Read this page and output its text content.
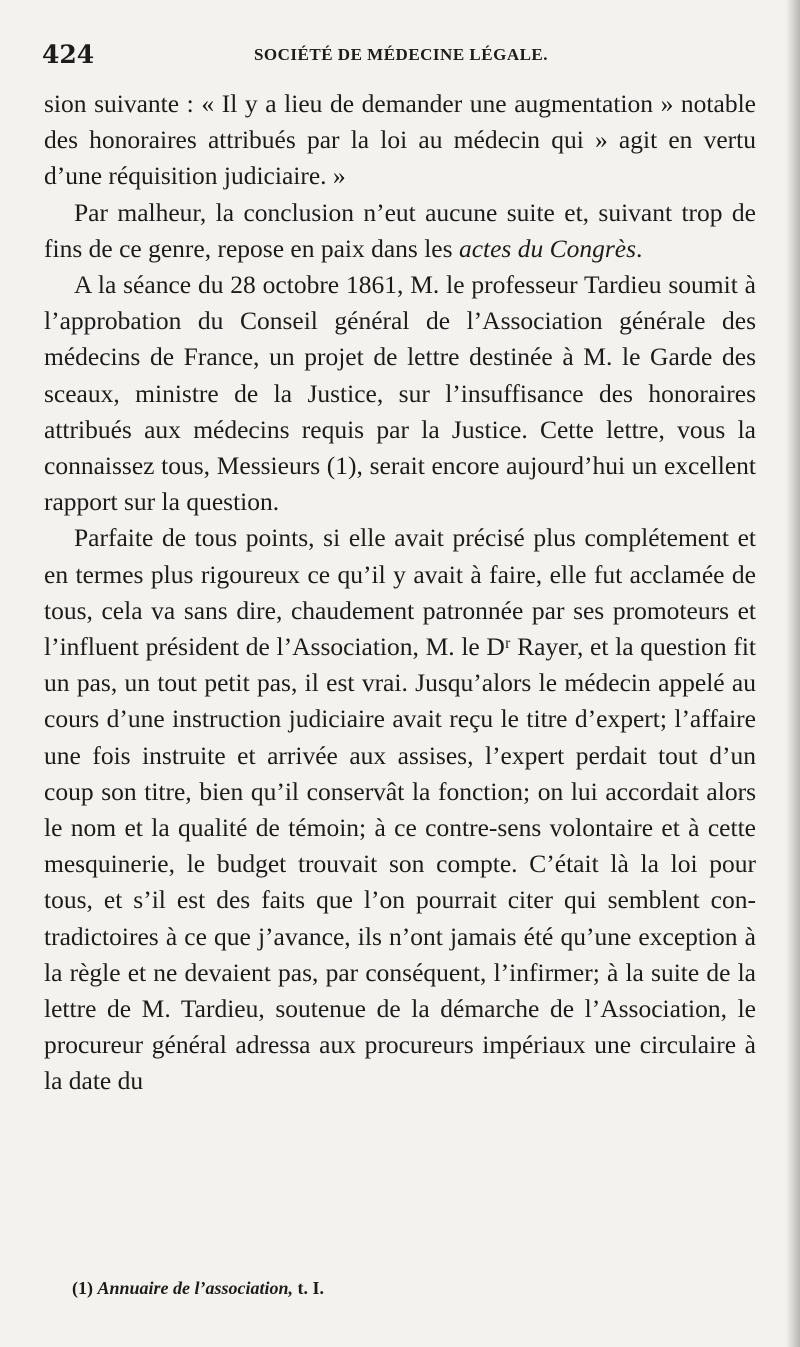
424	SOCIÉTÉ DE MÉDECINE LÉGALE.

sion suivante : « Il y a lieu de demander une augmentation » notable des honoraires attribués par la loi au médecin qui » agit en vertu d’une réquisition judiciaire. »

Par malheur, la conclusion n’eut aucune suite et, suivant trop de fins de ce genre, repose en paix dans les actes du Congrès.

A la séance du 28 octobre 1861, M. le professeur Tardieu soumit à l’approbation du Conseil général de l’Association générale des médecins de France, un projet de lettre destinée à M. le Garde des sceaux, ministre de la Justice, sur l’insuffisance des honoraires attribués aux médecins requis par la Justice. Cette lettre, vous la connaissez tous, Messieurs (1), serait encore aujourd’hui un excellent rapport sur la question.

Parfaite de tous points, si elle avait précisé plus complétement et en termes plus rigoureux ce qu’il y avait à faire, elle fut acclamée de tous, cela va sans dire, chaudement patronnée par ses promoteurs et l’influent président de l’Association, M. le Dʳ Rayer, et la question fit un pas, un tout petit pas, il est vrai. Jusqu’alors le médecin appelé au cours d’une instruction judiciaire avait reçu le titre d’expert; l’affaire une fois instruite et arrivée aux assises, l’expert perdait tout d’un coup son titre, bien qu’il conservât la fonction; on lui accordait alors le nom et la qualité de témoin; à ce contre-sens volontaire et à cette mesquinerie, le budget trouvait son compte. C’était là la loi pour tous, et s’il est des faits que l’on pourrait citer qui semblent contradictoires à ce que j’avance, ils n’ont jamais été qu’une exception à la règle et ne devaient pas, par conséquent, l’infirmer; à la suite de la lettre de M. Tardieu, soutenue de la démarche de l’Association, le procureur général adressa aux procureurs impériaux une circulaire à la date du

(1) Annuaire de l’association, t. I.
